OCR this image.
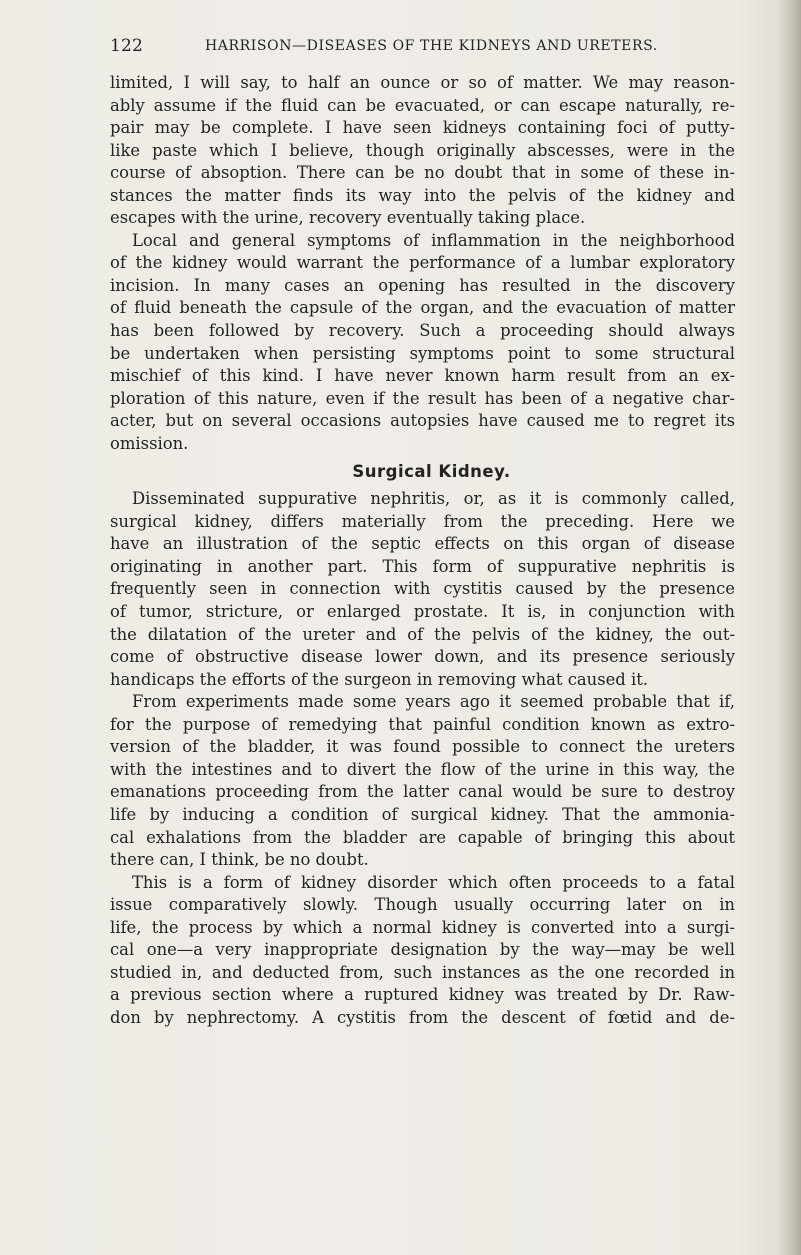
122	HARRISON—DISEASES OF THE KIDNEYS AND URETERS.
limited, I will say, to half an ounce or so of matter. We may reason-
ably assume if the fluid can be evacuated, or can escape naturally, re-
pair may be complete. I have seen kidneys containing foci of putty-
like paste which I believe, though originally abscesses, were in the
course of absoption. There can be no doubt that in some of these in-
stances the matter finds its way into the pelvis of the kidney and
escapes with the urine, recovery eventually taking place.
Local and general symptoms of inflammation in the neighborhood
of the kidney would warrant the performance of a lumbar exploratory
incision. In many cases an opening has resulted in the discovery
of fluid beneath the capsule of the organ, and the evacuation of matter
has been followed by recovery. Such a proceeding should always
be undertaken when persisting symptoms point to some structural
mischief of this kind. I have never known harm result from an ex-
ploration of this nature, even if the result has been of a negative char-
acter, but on several occasions autopsies have caused me to regret its
omission.
Surgical Kidney.
Disseminated suppurative nephritis, or, as it is commonly called,
surgical kidney, differs materially from the preceding. Here we
have an illustration of the septic effects on this organ of disease
originating in another part. This form of suppurative nephritis is
frequently seen in connection with cystitis caused by the presence
of tumor, stricture, or enlarged prostate. It is, in conjunction with
the dilatation of the ureter and of the pelvis of the kidney, the out-
come of obstructive disease lower down, and its presence seriously
handicaps the efforts of the surgeon in removing what caused it.
From experiments made some years ago it seemed probable that if,
for the purpose of remedying that painful condition known as extro-
version of the bladder, it was found possible to connect the ureters
with the intestines and to divert the flow of the urine in this way, the
emanations proceeding from the latter canal would be sure to destroy
life by inducing a condition of surgical kidney. That the ammonia-
cal exhalations from the bladder are capable of bringing this about
there can, I think, be no doubt.
This is a form of kidney disorder which often proceeds to a fatal
issue comparatively slowly. Though usually occurring later on in
life, the process by which a normal kidney is converted into a surgi-
cal one—a very inappropriate designation by the way—may be well
studied in, and deducted from, such instances as the one recorded in
a previous section where a ruptured kidney was treated by Dr. Raw-
don by nephrectomy. A cystitis from the descent of fœtid and de-
